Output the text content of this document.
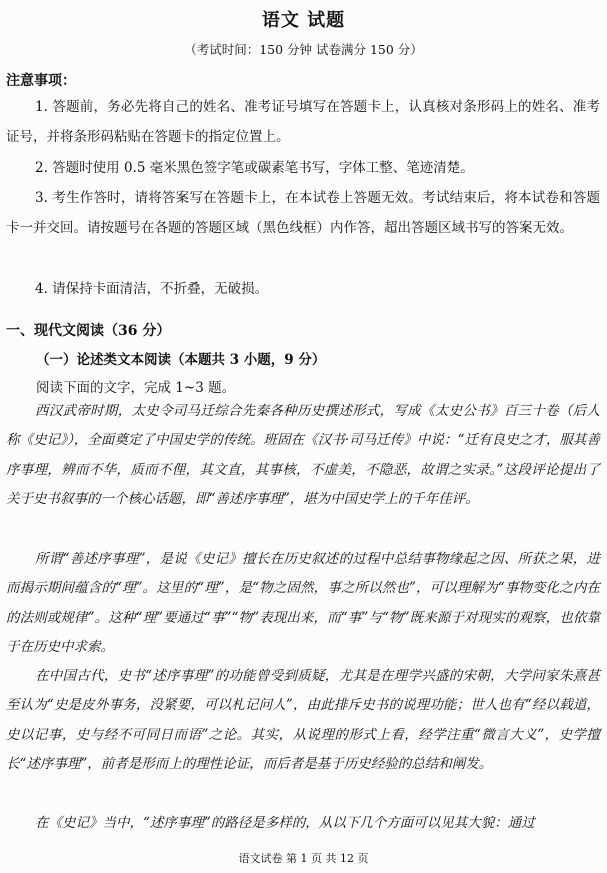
语文 试题
（考试时间：150 分钟 试卷满分 150 分）
注意事项：

1. 答题前，务必先将自己的姓名、准考证号填写在答题卡上，认真核对条形码上的姓名、准考证号，并将条形码粘贴在答题卡的指定位置上。

2. 答题时使用 0.5 毫米黑色签字笔或碳素笔书写，字体工整、笔迹清楚。

3. 考生作答时，请将答案写在答题卡上，在本试卷上答题无效。考试结束后，将本试卷和答题卡一并交回。请按题号在各题的答题区域（黑色线框）内作答，超出答题区域书写的答案无效。

4. 请保持卡面清洁，不折叠，无破损。

一、现代文阅读（36 分）
（一）论述类文本阅读（本题共 3 小题，9 分）
阅读下面的文字，完成 1~3 题。

西汉武帝时期，太史令司马迁综合先秦各种历史撰述形式，写成《太史公书》百三十卷（后人称《史记》），全面奠定了中国史学的传统。班固在《汉书·司马迁传》中说：“迁有良史之才，服其善序事理，辨而不华，质而不俚，其文直，其事核，不虚美，不隐恶，故谓之实录。”这段评论提出了关于史书叙事的一个核心话题，即“善述序事理”，堪为中国史学上的千年佳评。

所谓“善述序事理”，是说《史记》擅长在历史叙述的过程中总结事物缘起之因、所获之果，进而揭示期间蕴含的“理”。这里的“理”，是“物之固然，事之所以然也”，可以理解为“事物变化之内在的法则或规律”。这种“理”要通过“事”“物”表现出来，而“事”与“物”既来源于对现实的观察，也依靠于在历史中求索。

在中国古代，史书“述序事理”的功能曾受到质疑，尤其是在理学兴盛的宋朝，大学问家朱熹甚至认为“史是皮外事务，没紧要，可以札记问人”，由此排斥史书的说理功能；世人也有“经以载道，史以记事，史与经不可同日而语”之论。其实，从说理的形式上看，经学注重“微言大义”，史学擅长“述序事理”，前者是形而上的理性论证，而后者是基于历史经验的总结和阐发。

在《史记》当中，“述序事理”的路径是多样的，从以下几个方面可以见其大貌：通过

语文试卷 第 1 页 共 12 页
